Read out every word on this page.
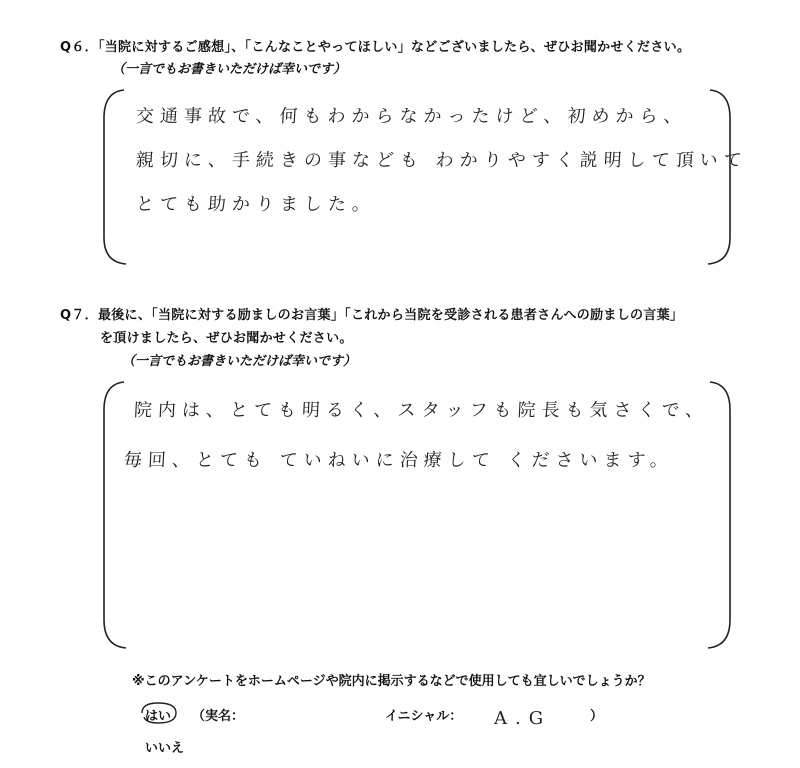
Q６．「当院に対するご感想」、「こんなことやってほしい」などございましたら、ぜひお聞かせください。
（一言でもお書きいただけば幸いです）
交通事故で、何もわからなかったけど、初めから、
親切に、手続きの事なども わかりやすく説明して頂いて
とても助かりました。
Q７．最後に、「当院に対する励ましのお言葉」「これから当院を受診される患者さんへの励ましの言葉」
を頂けましたら、ぜひお聞かせください。
（一言でもお書きいただけば幸いです）
院内は、とても明るく、スタッフも院長も気さくで、
毎回、とても ていねいに治療して くださいます。
※このアンケートをホームページや院内に掲示するなどで使用しても宜しいでしょうか？
はい （実名：	イニシャル： A.G	）
いいえ
